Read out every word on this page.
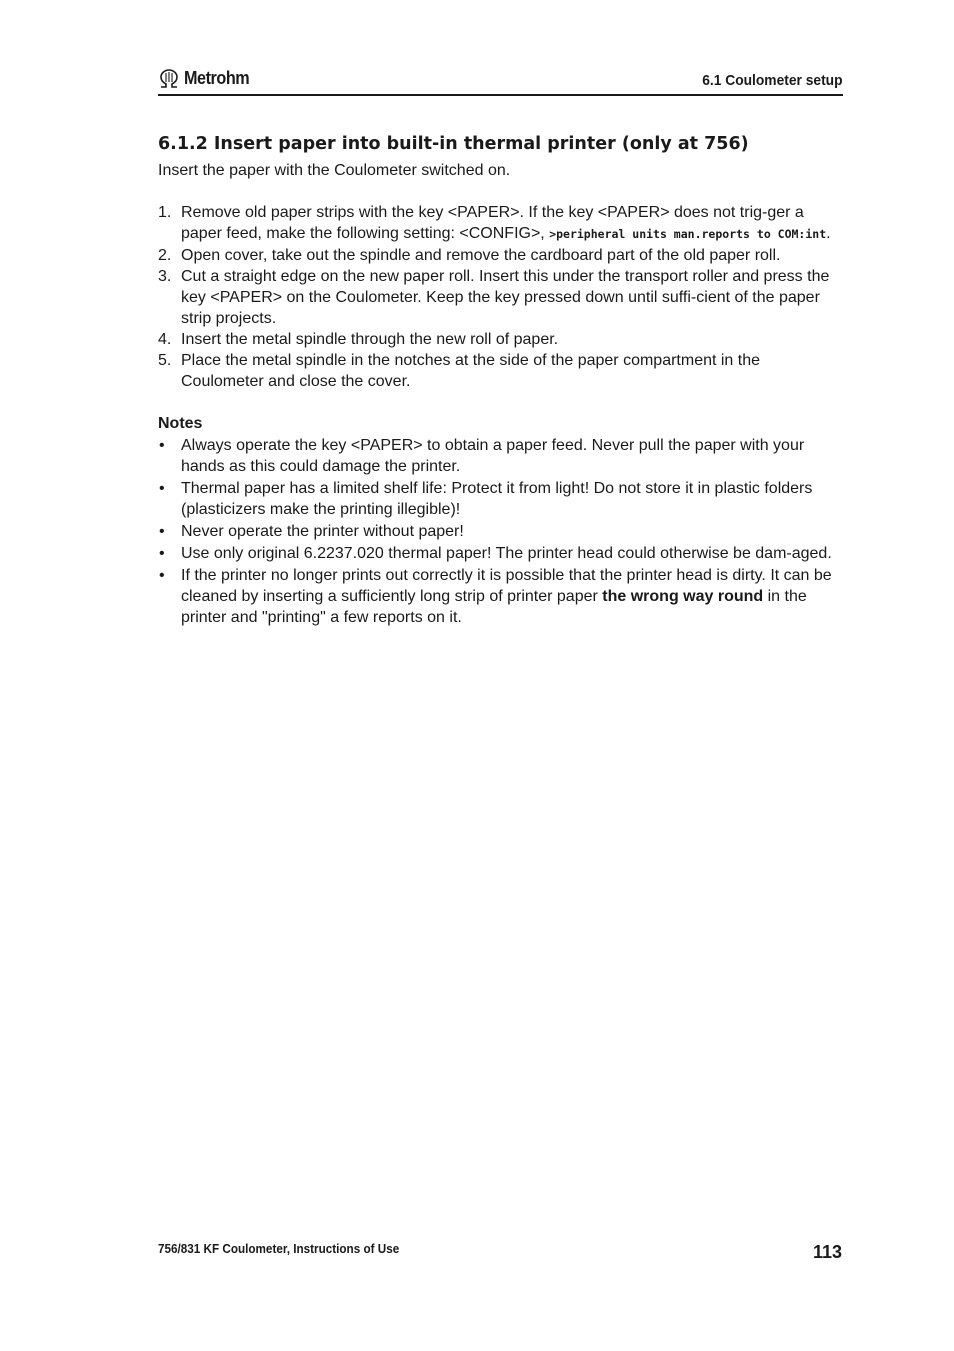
Metrohm	6.1 Coulometer setup
6.1.2 Insert paper into built-in thermal printer (only at 756)

Insert the paper with the Coulometer switched on.

1. Remove old paper strips with the key <PAPER>. If the key <PAPER> does not trig-ger a paper feed, make the following setting: <CONFIG>, >peripheral units man.reports to COM:int.
2. Open cover, take out the spindle and remove the cardboard part of the old paper roll.
3. Cut a straight edge on the new paper roll. Insert this under the transport roller and press the key <PAPER> on the Coulometer. Keep the key pressed down until suffi-cient of the paper strip projects.
4. Insert the metal spindle through the new roll of paper.
5. Place the metal spindle in the notches at the side of the paper compartment in the Coulometer and close the cover.
Notes
• Always operate the key <PAPER> to obtain a paper feed. Never pull the paper with your hands as this could damage the printer.
• Thermal paper has a limited shelf life: Protect it from light! Do not store it in plastic folders (plasticizers make the printing illegible)!
• Never operate the printer without paper!
• Use only original 6.2237.020 thermal paper! The printer head could otherwise be dam-aged.
• If the printer no longer prints out correctly it is possible that the printer head is dirty. It can be cleaned by inserting a sufficiently long strip of printer paper the wrong way round in the printer and "printing" a few reports on it.
756/831 KF Coulometer, Instructions of Use	113
